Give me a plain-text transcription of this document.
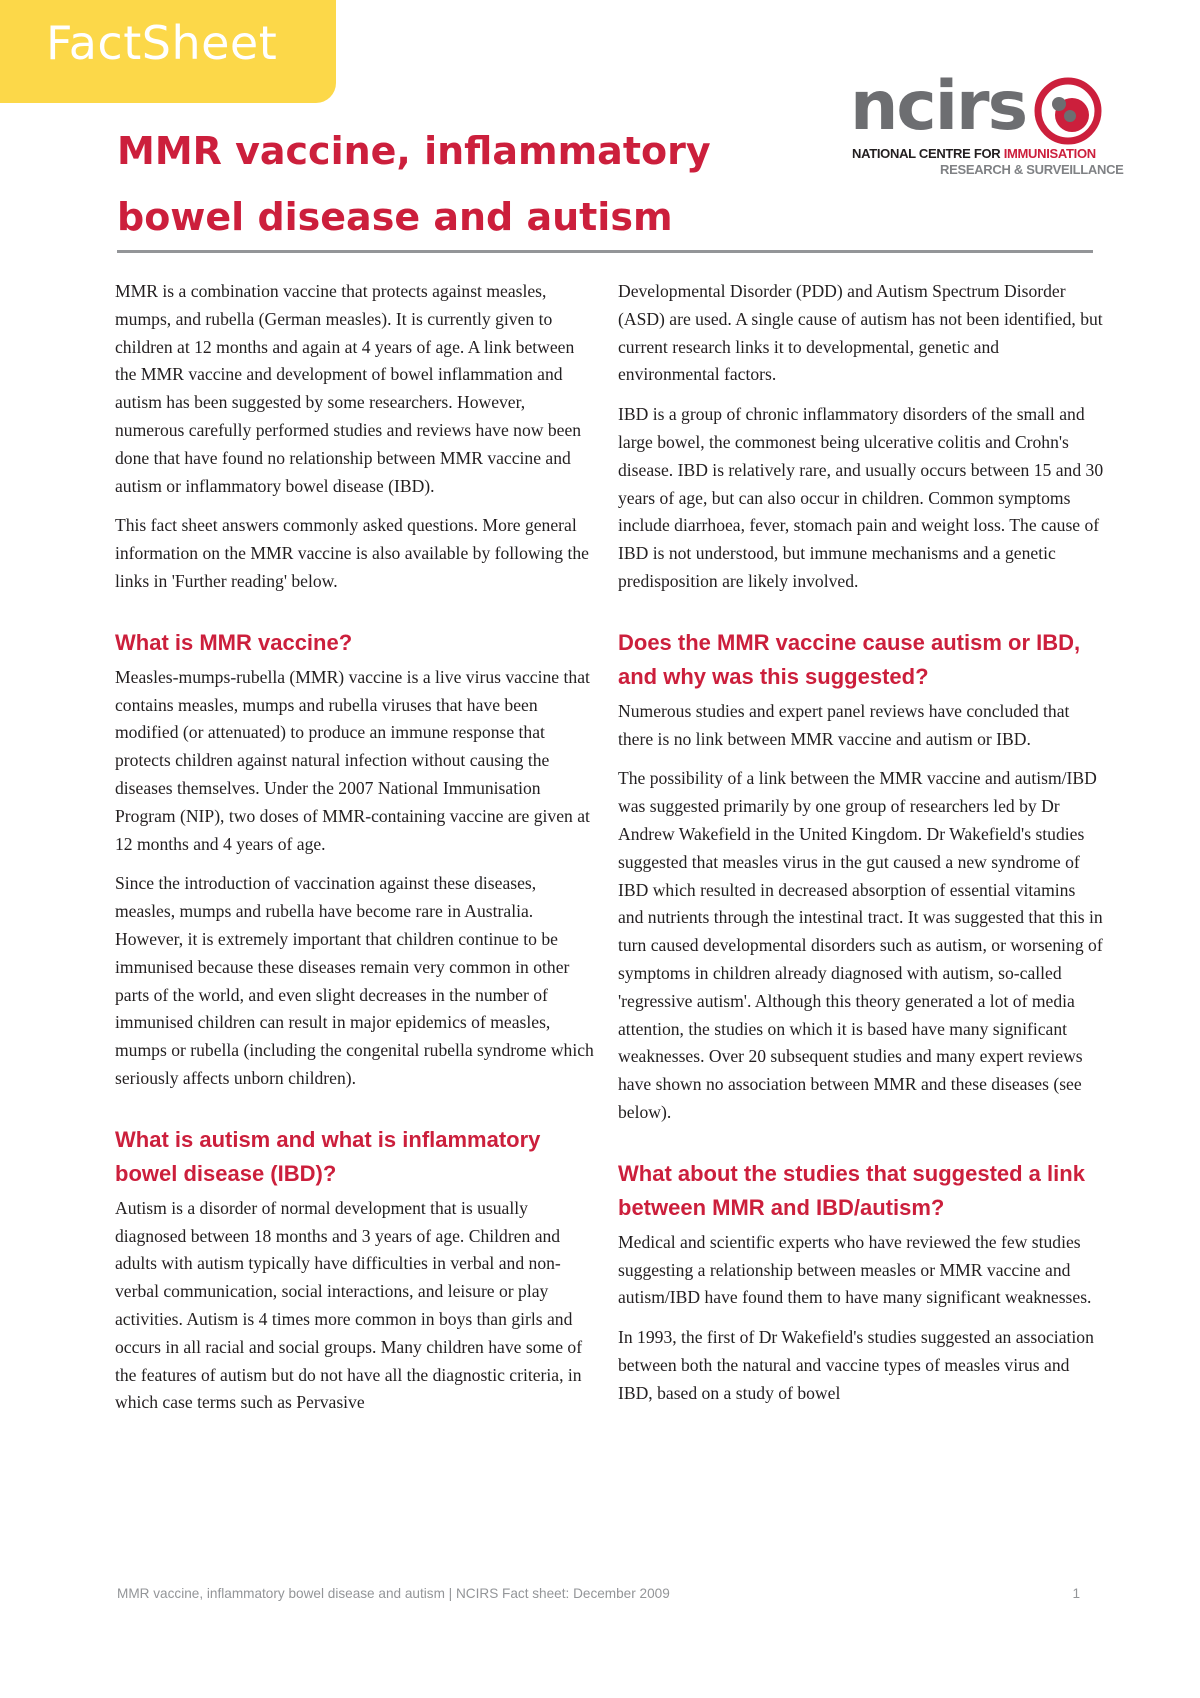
FactSheet
ncirs
NATIONAL CENTRE FOR IMMUNISATION
RESEARCH & SURVEILLANCE
MMR vaccine, inflammatory bowel disease and autism

MMR is a combination vaccine that protects against measles, mumps, and rubella (German measles). It is currently given to children at 12 months and again at 4 years of age. A link between the MMR vaccine and development of bowel inflammation and autism has been suggested by some researchers. However, numerous carefully performed studies and reviews have now been done that have found no relationship between MMR vaccine and autism or inflammatory bowel disease (IBD).

This fact sheet answers commonly asked questions. More general information on the MMR vaccine is also available by following the links in 'Further reading' below.

What is MMR vaccine?

Measles-mumps-rubella (MMR) vaccine is a live virus vaccine that contains measles, mumps and rubella viruses that have been modified (or attenuated) to produce an immune response that protects children against natural infection without causing the diseases themselves. Under the 2007 National Immunisation Program (NIP), two doses of MMR-containing vaccine are given at 12 months and 4 years of age.

Since the introduction of vaccination against these diseases, measles, mumps and rubella have become rare in Australia. However, it is extremely important that children continue to be immunised because these diseases remain very common in other parts of the world, and even slight decreases in the number of immunised children can result in major epidemics of measles, mumps or rubella (including the congenital rubella syndrome which seriously affects unborn children).

What is autism and what is inflammatory bowel disease (IBD)?

Autism is a disorder of normal development that is usually diagnosed between 18 months and 3 years of age. Children and adults with autism typically have difficulties in verbal and non-verbal communication, social interactions, and leisure or play activities. Autism is 4 times more common in boys than girls and occurs in all racial and social groups. Many children have some of the features of autism but do not have all the diagnostic criteria, in which case terms such as Pervasive

Developmental Disorder (PDD) and Autism Spectrum Disorder (ASD) are used. A single cause of autism has not been identified, but current research links it to developmental, genetic and environmental factors.

IBD is a group of chronic inflammatory disorders of the small and large bowel, the commonest being ulcerative colitis and Crohn's disease. IBD is relatively rare, and usually occurs between 15 and 30 years of age, but can also occur in children. Common symptoms include diarrhoea, fever, stomach pain and weight loss. The cause of IBD is not understood, but immune mechanisms and a genetic predisposition are likely involved.

Does the MMR vaccine cause autism or IBD, and why was this suggested?

Numerous studies and expert panel reviews have concluded that there is no link between MMR vaccine and autism or IBD.

The possibility of a link between the MMR vaccine and autism/IBD was suggested primarily by one group of researchers led by Dr Andrew Wakefield in the United Kingdom. Dr Wakefield's studies suggested that measles virus in the gut caused a new syndrome of IBD which resulted in decreased absorption of essential vitamins and nutrients through the intestinal tract. It was suggested that this in turn caused developmental disorders such as autism, or worsening of symptoms in children already diagnosed with autism, so-called 'regressive autism'. Although this theory generated a lot of media attention, the studies on which it is based have many significant weaknesses. Over 20 subsequent studies and many expert reviews have shown no association between MMR and these diseases (see below).

What about the studies that suggested a link between MMR and IBD/autism?

Medical and scientific experts who have reviewed the few studies suggesting a relationship between measles or MMR vaccine and autism/IBD have found them to have many significant weaknesses.

In 1993, the first of Dr Wakefield's studies suggested an association between both the natural and vaccine types of measles virus and IBD, based on a study of bowel

MMR vaccine, inflammatory bowel disease and autism | NCIRS Fact sheet: December 2009	1
